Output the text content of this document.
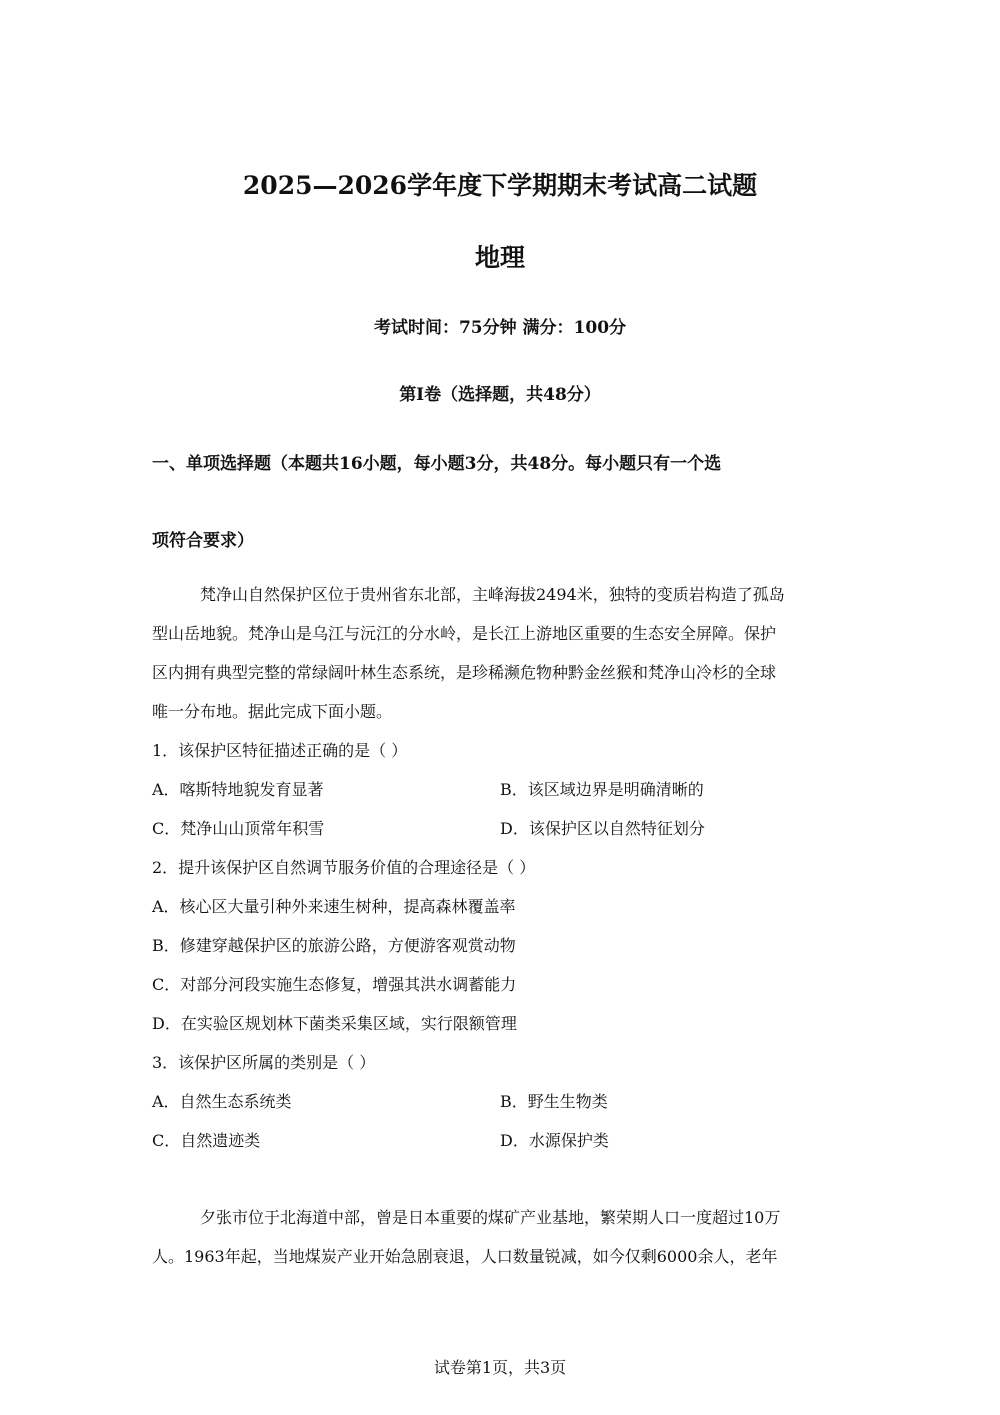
2025—2026学年度下学期期末考试高二试题
地理
考试时间：75分钟 满分：100分
第Ⅰ卷（选择题，共48分）
一、单项选择题（本题共16小题，每小题3分，共48分。每小题只有一个选
项符合要求）
梵净山自然保护区位于贵州省东北部，主峰海拔2494米，独特的变质岩构造了孤岛
型山岳地貌。梵净山是乌江与沅江的分水岭，是长江上游地区重要的生态安全屏障。保护
区内拥有典型完整的常绿阔叶林生态系统，是珍稀濒危物种黔金丝猴和梵净山冷杉的全球
唯一分布地。据此完成下面小题。
1．该保护区特征描述正确的是（ ）
A．喀斯特地貌发育显著	B．该区域边界是明确清晰的
C．梵净山山顶常年积雪	D．该保护区以自然特征划分
2．提升该保护区自然调节服务价值的合理途径是（ ）
A．核心区大量引种外来速生树种，提高森林覆盖率
B．修建穿越保护区的旅游公路，方便游客观赏动物
C．对部分河段实施生态修复，增强其洪水调蓄能力
D．在实验区规划林下菌类采集区域，实行限额管理
3．该保护区所属的类别是（ ）
A．自然生态系统类	B．野生生物类
C．自然遗迹类	D．水源保护类
夕张市位于北海道中部，曾是日本重要的煤矿产业基地，繁荣期人口一度超过10万
人。1963年起，当地煤炭产业开始急剧衰退，人口数量锐减，如今仅剩6000余人，老年
试卷第1页，共3页
